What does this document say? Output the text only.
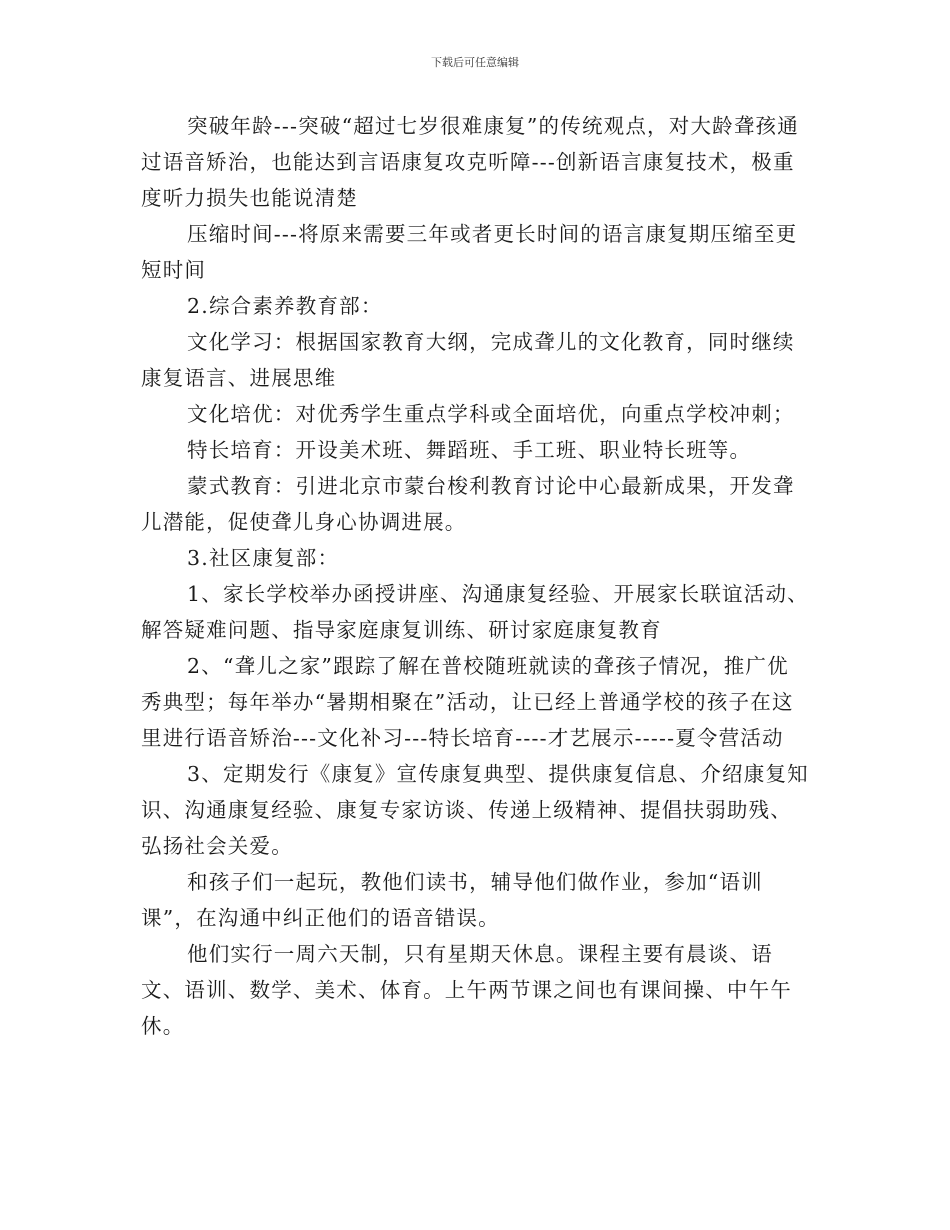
下载后可任意编辑

突破年龄---突破“超过七岁很难康复”的传统观点，对大龄聋孩通过语音矫治，也能达到言语康复攻克听障---创新语言康复技术，极重度听力损失也能说清楚

压缩时间---将原来需要三年或者更长时间的语言康复期压缩至更短时间

2.综合素养教育部：

文化学习：根据国家教育大纲，完成聋儿的文化教育，同时继续康复语言、进展思维

文化培优：对优秀学生重点学科或全面培优，向重点学校冲刺；

特长培育：开设美术班、舞蹈班、手工班、职业特长班等。

蒙式教育：引进北京市蒙台梭利教育讨论中心最新成果，开发聋儿潜能，促使聋儿身心协调进展。

3.社区康复部：

1、家长学校举办函授讲座、沟通康复经验、开展家长联谊活动、解答疑难问题、指导家庭康复训练、研讨家庭康复教育

2、“聋儿之家”跟踪了解在普校随班就读的聋孩子情况，推广优秀典型；每年举办“暑期相聚在”活动，让已经上普通学校的孩子在这里进行语音矫治---文化补习---特长培育----才艺展示-----夏令营活动

3、定期发行《康复》宣传康复典型、提供康复信息、介绍康复知识、沟通康复经验、康复专家访谈、传递上级精神、提倡扶弱助残、弘扬社会关爱。

和孩子们一起玩，教他们读书，辅导他们做作业，参加“语训课”，在沟通中纠正他们的语音错误。

他们实行一周六天制，只有星期天休息。课程主要有晨谈、语文、语训、数学、美术、体育。上午两节课之间也有课间操、中午午休。
